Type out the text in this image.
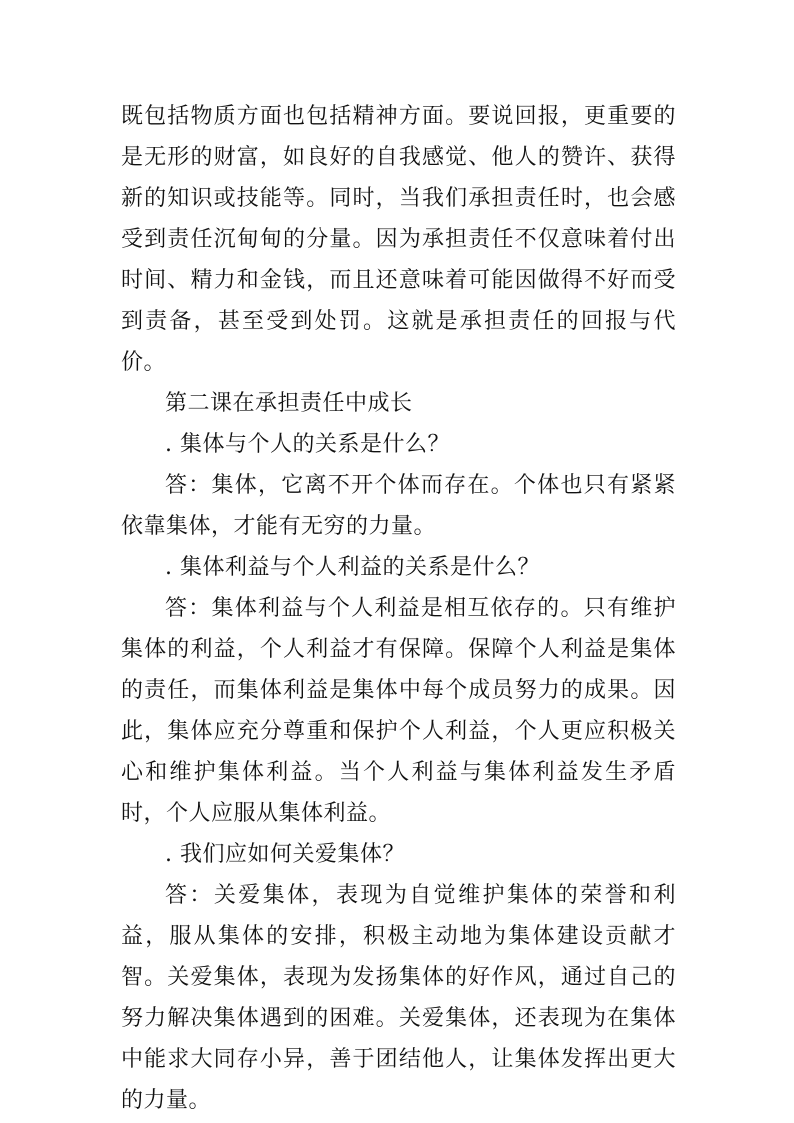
既包括物质方面也包括精神方面。要说回报，更重要的是无形的财富，如良好的自我感觉、他人的赞许、获得新的知识或技能等。同时，当我们承担责任时，也会感受到责任沉甸甸的分量。因为承担责任不仅意味着付出时间、精力和金钱，而且还意味着可能因做得不好而受到责备，甚至受到处罚。这就是承担责任的回报与代价。

第二课在承担责任中成长

. 集体与个人的关系是什么？

答：集体，它离不开个体而存在。个体也只有紧紧依靠集体，才能有无穷的力量。

. 集体利益与个人利益的关系是什么？

答：集体利益与个人利益是相互依存的。只有维护集体的利益，个人利益才有保障。保障个人利益是集体的责任，而集体利益是集体中每个成员努力的成果。因此，集体应充分尊重和保护个人利益，个人更应积极关心和维护集体利益。当个人利益与集体利益发生矛盾时，个人应服从集体利益。

. 我们应如何关爱集体？

答：关爱集体，表现为自觉维护集体的荣誉和利益，服从集体的安排，积极主动地为集体建设贡献才智。关爱集体，表现为发扬集体的好作风，通过自己的努力解决集体遇到的困难。关爱集体，还表现为在集体中能求大同存小异，善于团结他人，让集体发挥出更大的力量。
